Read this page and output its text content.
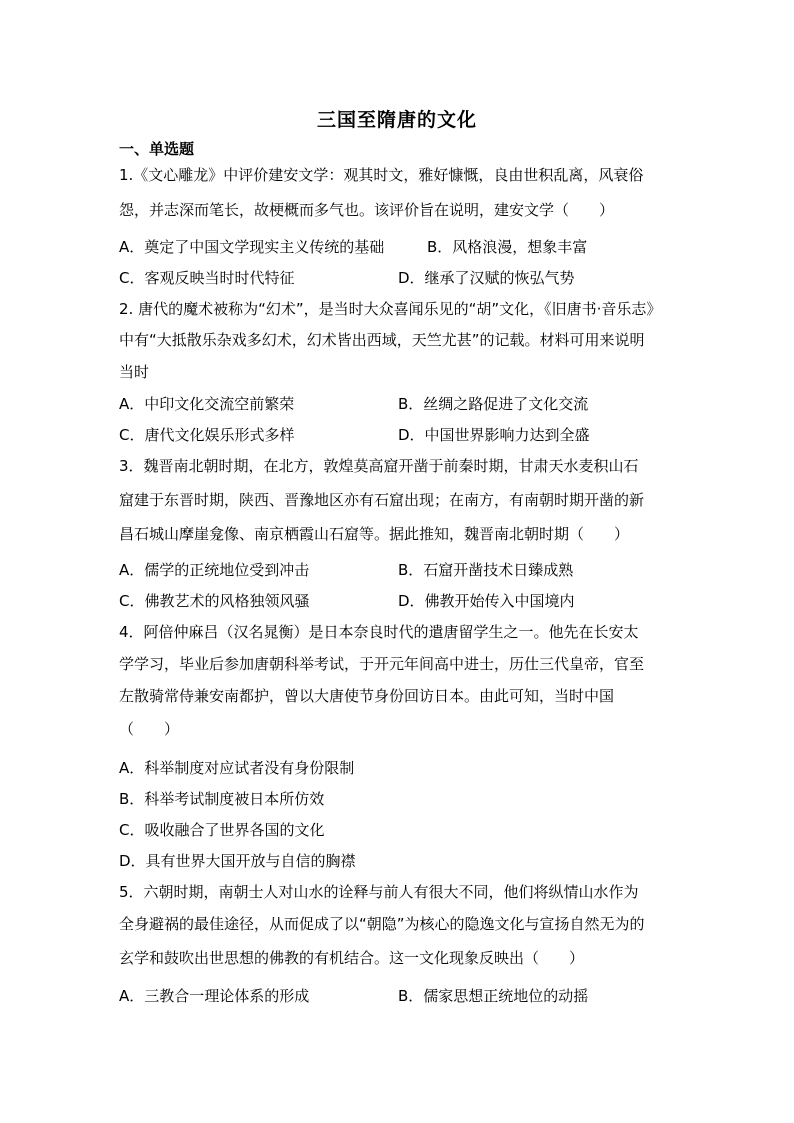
三国至隋唐的文化
一、单选题
1.《文心雕龙》中评价建安文学：观其时文，雅好慷慨，良由世积乱离，风衰俗
怨，并志深而笔长，故梗概而多气也。该评价旨在说明，建安文学（　　）
A．奠定了中国文学现实主义传统的基础	B．风格浪漫，想象丰富
C．客观反映当时时代特征	D．继承了汉赋的恢弘气势
2. 唐代的魔术被称为“幻术”，是当时大众喜闻乐见的“胡”文化，《旧唐书·音乐志》
中有“大抵散乐杂戏多幻术，幻术皆出西域，天竺尤甚”的记载。材料可用来说明
当时
A．中印文化交流空前繁荣	B．丝绸之路促进了文化交流
C．唐代文化娱乐形式多样	D．中国世界影响力达到全盛
3．魏晋南北朝时期，在北方，敦煌莫高窟开凿于前秦时期，甘肃天水麦积山石
窟建于东晋时期，陕西、晋豫地区亦有石窟出现；在南方，有南朝时期开凿的新
昌石城山摩崖龛像、南京栖霞山石窟等。据此推知，魏晋南北朝时期（　　）
A．儒学的正统地位受到冲击	B．石窟开凿技术日臻成熟
C．佛教艺术的风格独领风骚	D．佛教开始传入中国境内
4．阿倍仲麻吕（汉名晁衡）是日本奈良时代的遣唐留学生之一。他先在长安太
学学习，毕业后参加唐朝科举考试，于开元年间高中进士，历仕三代皇帝，官至
左散骑常侍兼安南都护，曾以大唐使节身份回访日本。由此可知，当时中国
（　　）
A．科举制度对应试者没有身份限制
B．科举考试制度被日本所仿效
C．吸收融合了世界各国的文化
D．具有世界大国开放与自信的胸襟
5．六朝时期，南朝士人对山水的诠释与前人有很大不同，他们将纵情山水作为
全身避祸的最佳途径，从而促成了以“朝隐”为核心的隐逸文化与宣扬自然无为的
玄学和鼓吹出世思想的佛教的有机结合。这一文化现象反映出（　　）
A．三教合一理论体系的形成	B．儒家思想正统地位的动摇
